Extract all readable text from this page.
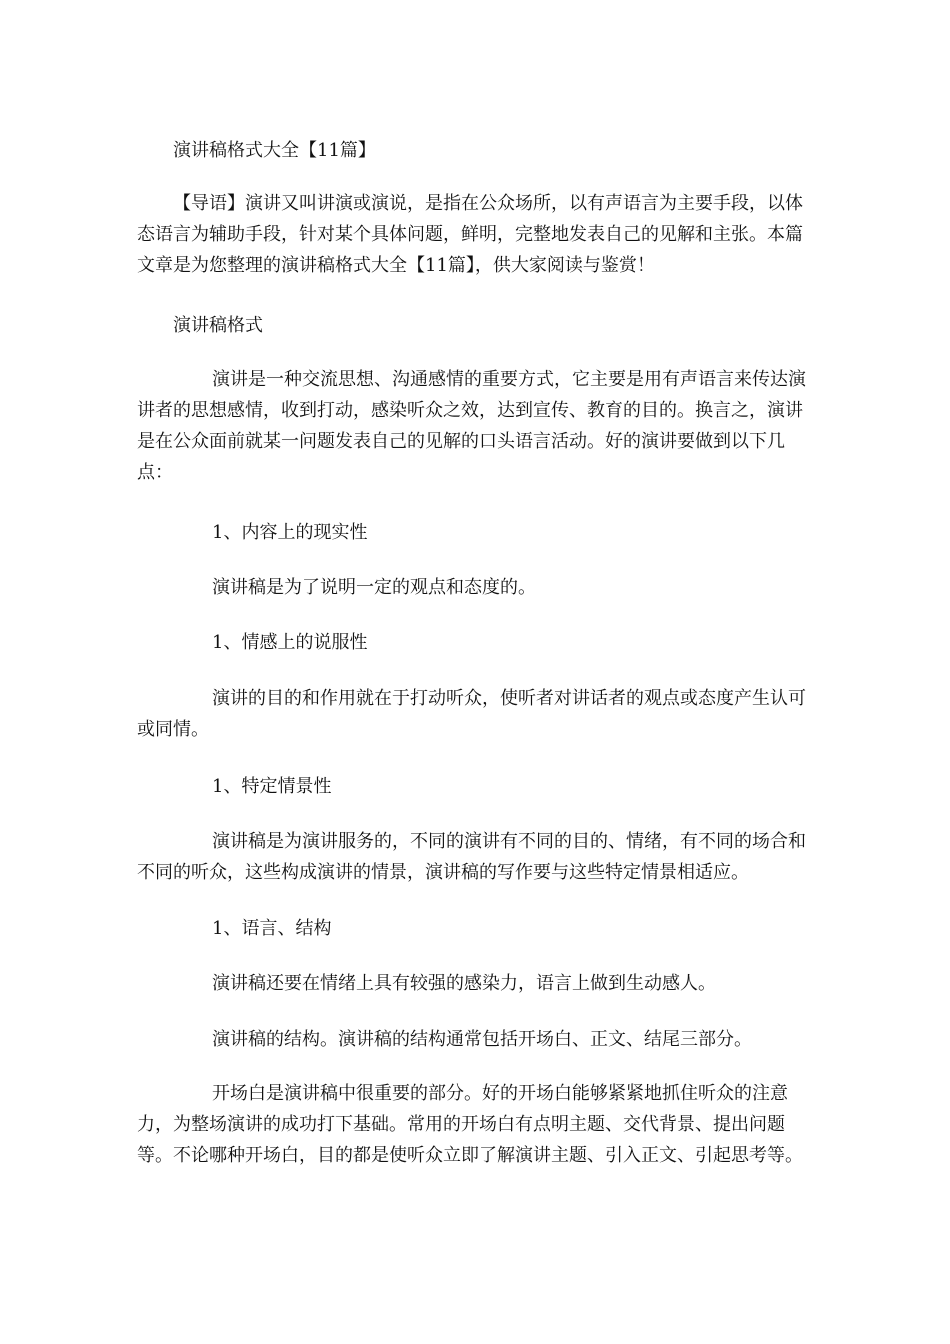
演讲稿格式大全【11篇】

【导语】演讲又叫讲演或演说，是指在公众场所，以有声语言为主要手段，以体态语言为辅助手段，针对某个具体问题，鲜明，完整地发表自己的见解和主张。本篇文章是为您整理的演讲稿格式大全【11篇】，供大家阅读与鉴赏！

演讲稿格式

演讲是一种交流思想、沟通感情的重要方式，它主要是用有声语言来传达演讲者的思想感情，收到打动，感染听众之效，达到宣传、教育的目的。换言之，演讲是在公众面前就某一问题发表自己的见解的口头语言活动。好的演讲要做到以下几点：

1、内容上的现实性

演讲稿是为了说明一定的观点和态度的。

1、情感上的说服性

演讲的目的和作用就在于打动听众，使听者对讲话者的观点或态度产生认可或同情。

1、特定情景性

演讲稿是为演讲服务的，不同的演讲有不同的目的、情绪，有不同的场合和不同的听众，这些构成演讲的情景，演讲稿的写作要与这些特定情景相适应。

1、语言、结构

演讲稿还要在情绪上具有较强的感染力，语言上做到生动感人。

演讲稿的结构。演讲稿的结构通常包括开场白、正文、结尾三部分。

开场白是演讲稿中很重要的部分。好的开场白能够紧紧地抓住听众的注意力，为整场演讲的成功打下基础。常用的开场白有点明主题、交代背景、提出问题等。不论哪种开场白，目的都是使听众立即了解演讲主题、引入正文、引起思考等。
